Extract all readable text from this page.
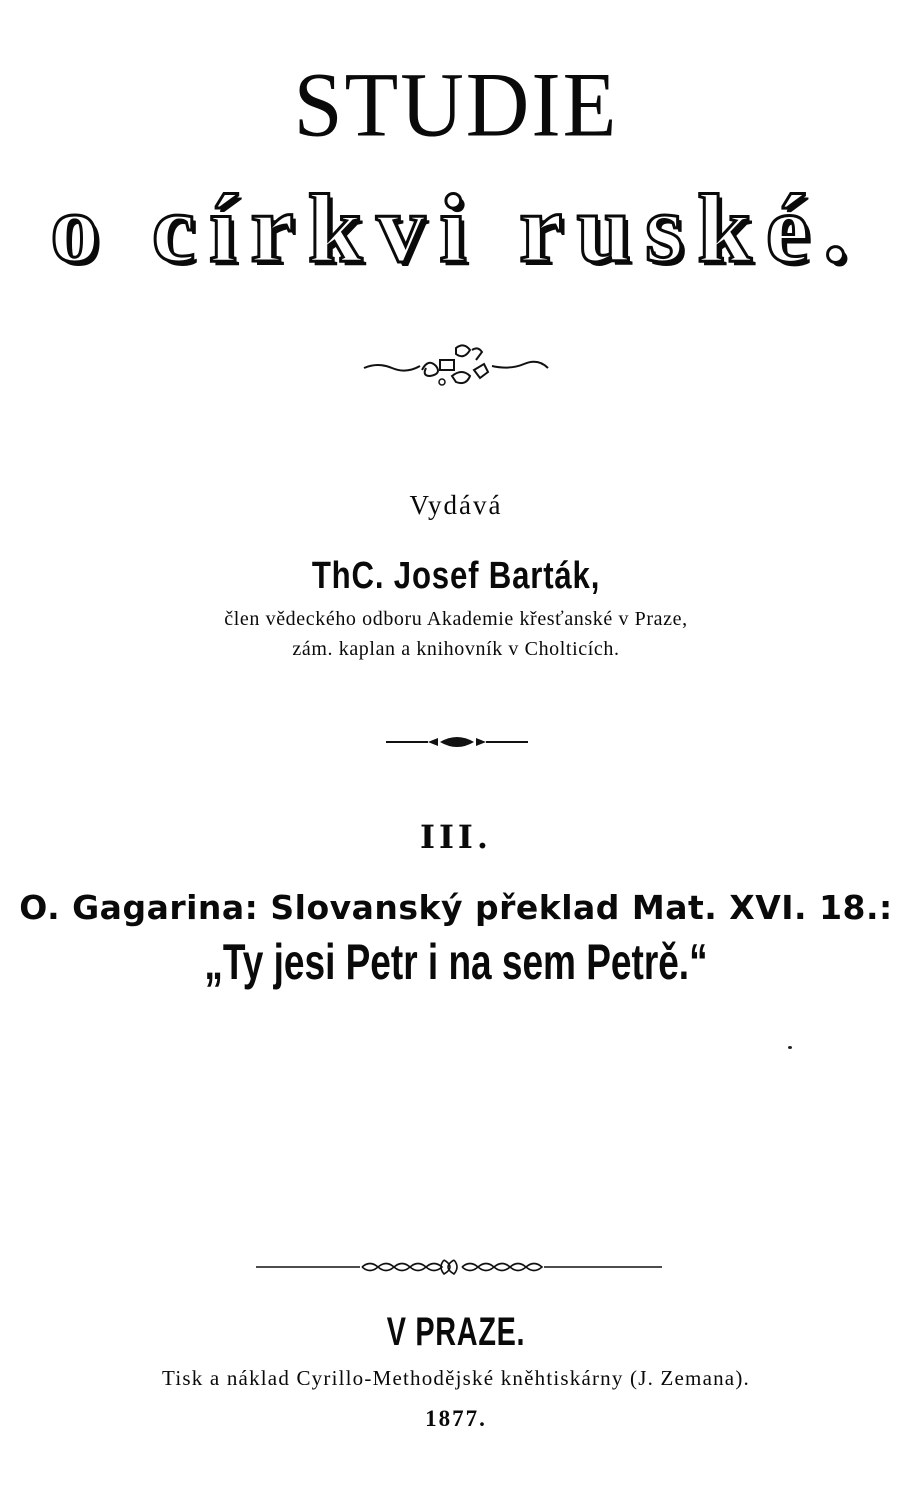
STUDIE
o církvi ruské.
Vydává
ThC. Josef Barták,
člen vědeckého odboru Akademie křesťanské v Praze,
zám. kaplan a knihovník v Cholticích.
III.
O. Gagarina: Slovanský překlad Mat. XVI. 18.:
„Ty jesi Petr i na sem Petrě.“
V PRAZE.
Tisk a náklad Cyrillo-Methodějské kněhtiskárny (J. Zemana).
1877.
